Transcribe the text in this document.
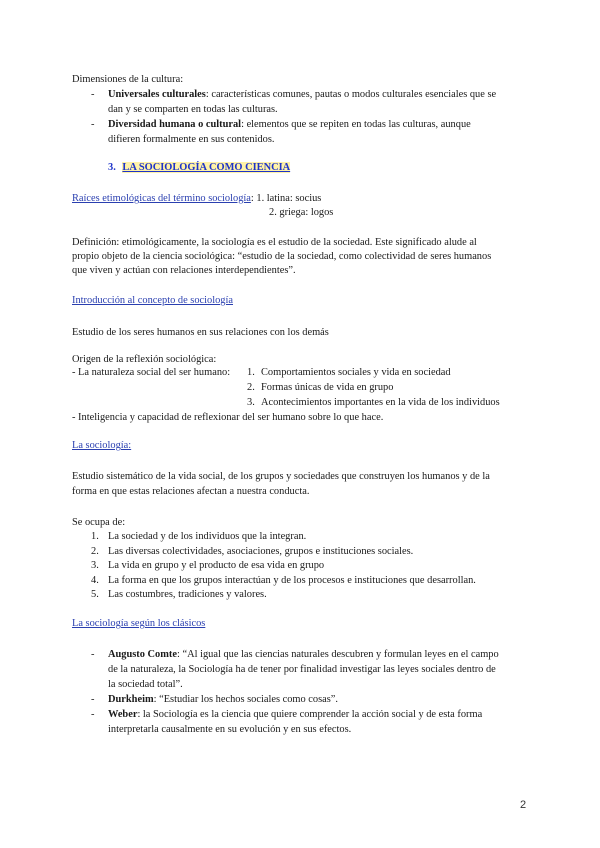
Dimensiones de la cultura:
- Universales culturales: características comunes, pautas o modos culturales esenciales que se
dan y se comparten en todas las culturas.
- Diversidad humana o cultural: elementos que se repiten en todas las culturas, aunque
difieren formalmente en sus contenidos.
3. LA SOCIOLOGÍA COMO CIENCIA
Raíces etimológicas del término sociología: 1. latina: socius
2. griega: logos
Definición: etimológicamente, la sociología es el estudio de la sociedad. Este significado alude al
propio objeto de la ciencia sociológica: “estudio de la sociedad, como colectividad de seres humanos
que viven y actúan con relaciones interdependientes”.
Introducción al concepto de sociología
Estudio de los seres humanos en sus relaciones con los demás
Origen de la reflexión sociológica:
- La naturaleza social del ser humano: 1. Comportamientos sociales y vida en sociedad
2. Formas únicas de vida en grupo
3. Acontecimientos importantes en la vida de los individuos
- Inteligencia y capacidad de reflexionar del ser humano sobre lo que hace.
La sociología:
Estudio sistemático de la vida social, de los grupos y sociedades que construyen los humanos y de la
forma en que estas relaciones afectan a nuestra conducta.
Se ocupa de:
1. La sociedad y de los individuos que la integran.
2. Las diversas colectividades, asociaciones, grupos e instituciones sociales.
3. La vida en grupo y el producto de esa vida en grupo
4. La forma en que los grupos interactúan y de los procesos e instituciones que desarrollan.
5. Las costumbres, tradiciones y valores.
La sociología según los clásicos
- Augusto Comte: “Al igual que las ciencias naturales descubren y formulan leyes en el campo
de la naturaleza, la Sociología ha de tener por finalidad investigar las leyes sociales dentro de
la sociedad total”.
- Durkheim: “Estudiar los hechos sociales como cosas”.
- Weber: la Sociología es la ciencia que quiere comprender la acción social y de esta forma
interpretarla causalmente en su evolución y en sus efectos.
2
